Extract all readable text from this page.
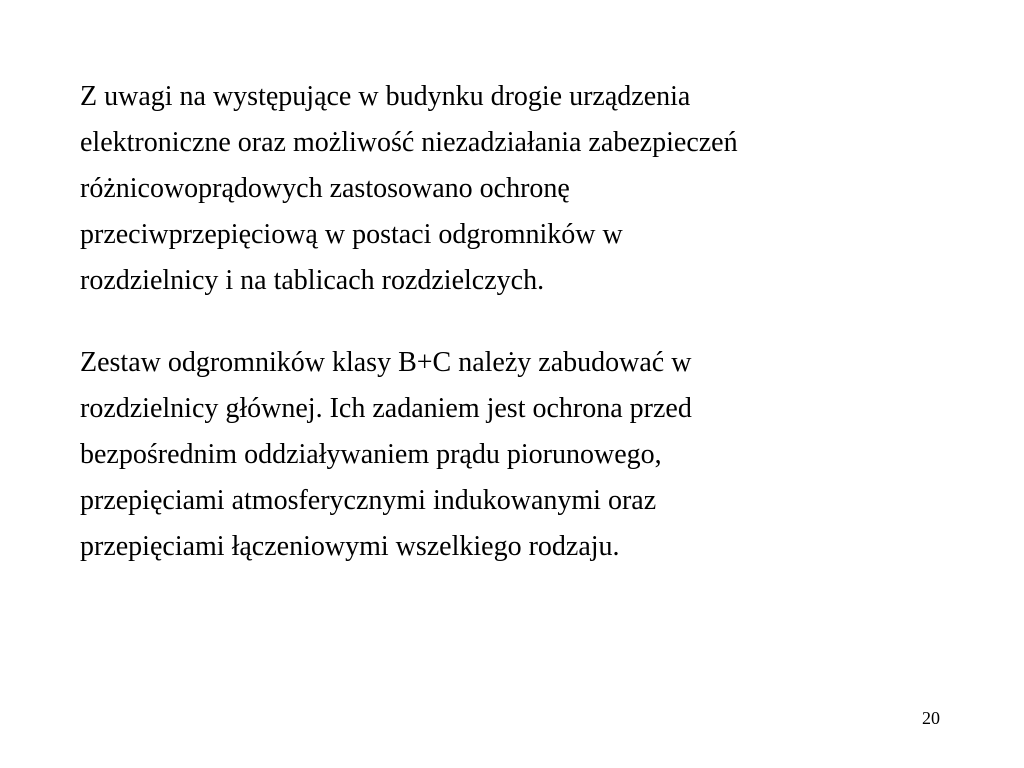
Z uwagi na występujące w budynku drogie urządzenia
elektroniczne oraz możliwość niezadziałania zabezpieczeń
różnicowoprądowych zastosowano ochronę
przeciwprzepięciową w postaci odgromników w
rozdzielnicy i na tablicach rozdzielczych.

Zestaw odgromników klasy B+C należy zabudować w
rozdzielnicy głównej. Ich zadaniem jest ochrona przed
bezpośrednim oddziaływaniem prądu piorunowego,
przepięciami atmosferycznymi indukowanymi oraz
przepięciami łączeniowymi wszelkiego rodzaju.

20
